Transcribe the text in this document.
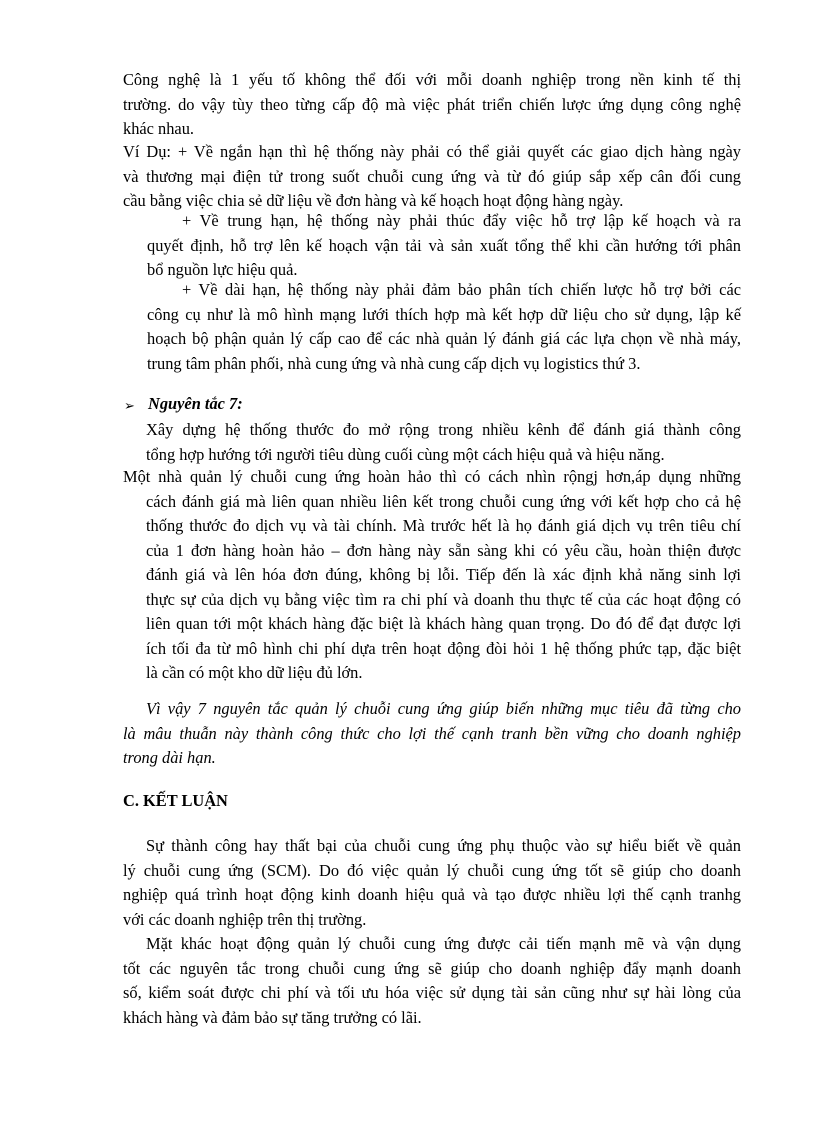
Công nghệ là 1 yếu tố không thể đối với mỗi doanh nghiệp trong nền kinh tế thị
trường. do vậy tùy theo từng cấp độ mà việc phát triển chiến lược ứng dụng công nghệ
khác nhau.
Ví Dụ: + Về ngắn hạn thì hệ thống này phải có thể giải quyết các giao dịch hàng ngày
và thương mại điện tử trong suốt chuỗi cung ứng và từ đó giúp sắp xếp cân đối cung
cầu bằng việc chia sẻ dữ liệu về đơn hàng và kế hoạch hoạt động hàng ngày.
+ Về trung hạn, hệ thống này phải thúc đẩy việc hỗ trợ lập kế hoạch và ra
quyết định, hỗ trợ lên kế hoạch vận tải và sản xuất tổng thể khi cần hướng tới phân
bổ nguồn lực hiệu quả.
+ Về dài hạn, hệ thống này phải đảm bảo phân tích chiến lược hỗ trợ bởi các
công cụ như là mô hình mạng lưới thích hợp mà kết hợp dữ liệu cho sử dụng, lập kế
hoạch bộ phận quản lý cấp cao để các nhà quản lý đánh giá các lựa chọn về nhà máy,
trung tâm phân phối, nhà cung ứng và nhà cung cấp dịch vụ logistics thứ 3.
➢ Nguyên tắc 7:
Xây dựng hệ thống thước đo mở rộng trong nhiều kênh để đánh giá thành công
tổng hợp hướng tới người tiêu dùng cuối cùng một cách hiệu quả và hiệu năng.
Một nhà quản lý chuỗi cung ứng hoàn hảo thì có cách nhìn rộngj hơn,áp dụng những
cách đánh giá mà liên quan nhiều liên kết trong chuỗi cung ứng với kết hợp cho cả hệ
thống thước đo dịch vụ và tài chính. Mà trước hết là họ đánh giá dịch vụ trên tiêu chí
của 1 đơn hàng hoàn hảo – đơn hàng này sẵn sàng khi có yêu cầu, hoàn thiện được
đánh giá và lên hóa đơn đúng, không bị lỗi. Tiếp đến là xác định khả năng sinh lợi
thực sự của dịch vụ bằng việc tìm ra chi phí và doanh thu thực tế của các hoạt động có
liên quan tới một khách hàng đặc biệt là khách hàng quan trọng. Do đó để đạt được lợi
ích tối đa từ mô hình chi phí dựa trên hoạt động đòi hỏi 1 hệ thống phức tạp, đặc biệt
là cần có một kho dữ liệu đủ lớn.
Vì vậy 7 nguyên tắc quản lý chuỗi cung ứng giúp biến những mục tiêu đã từng cho
là mâu thuẫn này thành công thức cho lợi thế cạnh tranh bền vững cho doanh nghiệp
trong dài hạn.
C. KẾT LUẬN
Sự thành công hay thất bại của chuỗi cung ứng phụ thuộc vào sự hiểu biết về quản
lý chuỗi cung ứng (SCM). Do đó việc quản lý chuỗi cung ứng tốt sẽ giúp cho doanh
nghiệp quá trình hoạt động kinh doanh hiệu quả và tạo được nhiều lợi thế cạnh tranhg
với các doanh nghiệp trên thị trường.
Mặt khác hoạt động quản lý chuỗi cung ứng được cải tiến mạnh mẽ và vận dụng
tốt các nguyên tắc trong chuỗi cung ứng sẽ giúp cho doanh nghiệp đẩy mạnh doanh
số, kiểm soát được chi phí và tối ưu hóa việc sử dụng tài sản cũng như sự hài lòng của
khách hàng và đảm bảo sự tăng trưởng có lãi.
